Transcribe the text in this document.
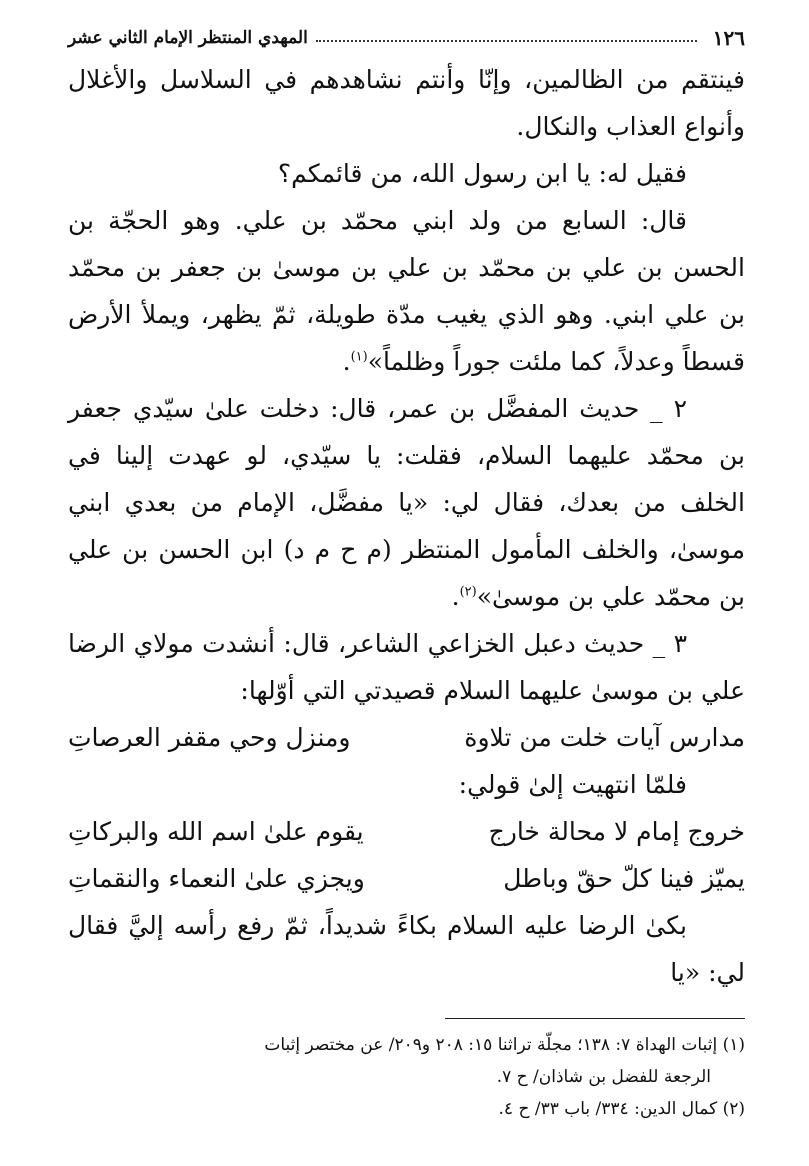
١٢٦
المهدي المنتظر الإمام الثاني عشر

فينتقم من الظالمين، وإنّا وأنتم نشاهدهم في السلاسل والأغلال وأنواع العذاب والنكال.

فقيل له: يا ابن رسول الله، من قائمكم؟

قال: السابع من ولد ابني محمّد بن علي. وهو الحجّة بن الحسن بن علي بن محمّد بن علي بن موسىٰ بن جعفر بن محمّد بن علي ابني. وهو الذي يغيب مدّة طويلة، ثمّ يظهر، ويملأ الأرض قسطاً وعدلاً، كما ملئت جوراً وظلماً»$^{(١)}$.

٢ _ حديث المفضَّل بن عمر، قال: دخلت علىٰ سيّدي جعفر بن محمّد عليهما السلام، فقلت: يا سيّدي، لو عهدت إلينا في الخلف من بعدك، فقال لي: «يا مفضَّل، الإمام من بعدي ابني موسىٰ، والخلف المأمول المنتظر (م ح م د) ابن الحسن بن علي بن محمّد علي بن موسىٰ»$^{(٢)}$.

٣ _ حديث دعبل الخزاعي الشاعر، قال: أنشدت مولاي الرضا علي بن موسىٰ عليهما السلام قصيدتي التي أوّلها:

مدارس آيات خلت من تلاوة
ومنزل وحي مقفر العرصاتِ

فلمّا انتهيت إلىٰ قولي:

خروج إمام لا محالة خارج
يقوم علىٰ اسم الله والبركاتِ
يميّز فينا كلّ حقّ وباطل
ويجزي علىٰ النعماء والنقماتِ

بكىٰ الرضا عليه السلام بكاءً شديداً، ثمّ رفع رأسه إليَّ فقال لي: «يا

(١) إثبات الهداة ٧: ١٣٨؛ مجلّة تراثنا ١٥: ٢٠٨ و٢٠٩/ عن مختصر إثبات

الرجعة للفضل بن شاذان/ ح ٧.

(٢) كمال الدين: ٣٣٤/ باب ٣٣/ ح ٤.
